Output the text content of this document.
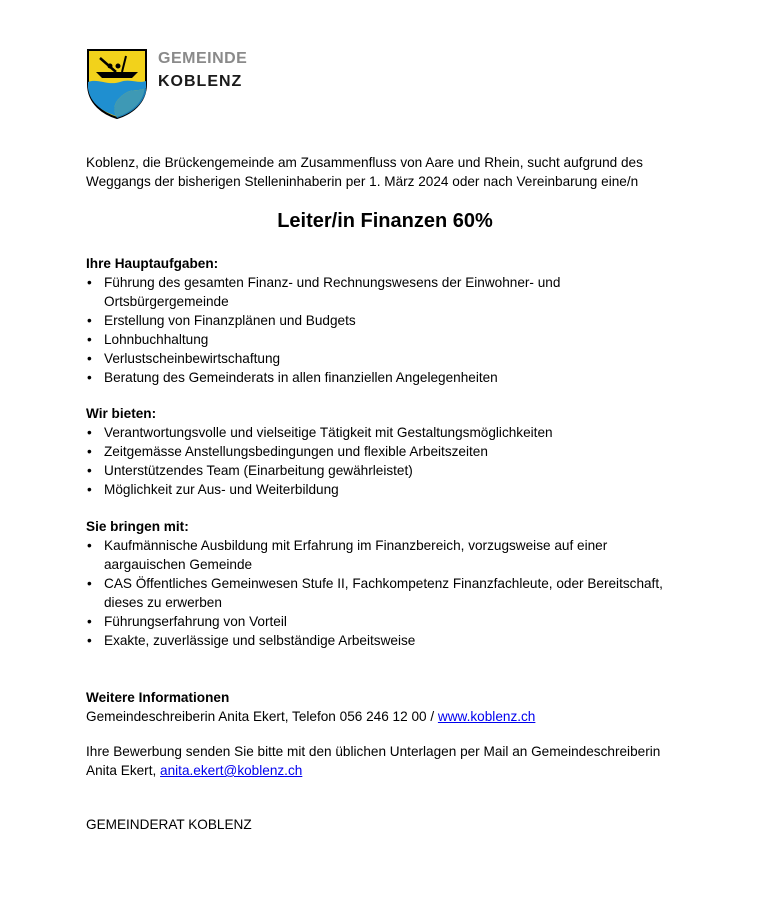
GEMEINDE
KOBLENZ
Koblenz, die Brückengemeinde am Zusammenfluss von Aare und Rhein, sucht aufgrund des
Weggangs der bisherigen Stelleninhaberin per 1. März 2024 oder nach Vereinbarung eine/n
Leiter/in Finanzen 60%
Ihre Hauptaufgaben:
• Führung des gesamten Finanz- und Rechnungswesens der Einwohner- und
Ortsbürgergemeinde
• Erstellung von Finanzplänen und Budgets
• Lohnbuchhaltung
• Verlustscheinbewirtschaftung
• Beratung des Gemeinderats in allen finanziellen Angelegenheiten
Wir bieten:
• Verantwortungsvolle und vielseitige Tätigkeit mit Gestaltungsmöglichkeiten
• Zeitgemässe Anstellungsbedingungen und flexible Arbeitszeiten
• Unterstützendes Team (Einarbeitung gewährleistet)
• Möglichkeit zur Aus- und Weiterbildung
Sie bringen mit:
• Kaufmännische Ausbildung mit Erfahrung im Finanzbereich, vorzugsweise auf einer
aargauischen Gemeinde
• CAS Öffentliches Gemeinwesen Stufe II, Fachkompetenz Finanzfachleute, oder Bereitschaft,
dieses zu erwerben
• Führungserfahrung von Vorteil
• Exakte, zuverlässige und selbständige Arbeitsweise
Weitere Informationen
Gemeindeschreiberin Anita Ekert, Telefon 056 246 12 00 / www.koblenz.ch
Ihre Bewerbung senden Sie bitte mit den üblichen Unterlagen per Mail an Gemeindeschreiberin
Anita Ekert, anita.ekert@koblenz.ch
GEMEINDERAT KOBLENZ
